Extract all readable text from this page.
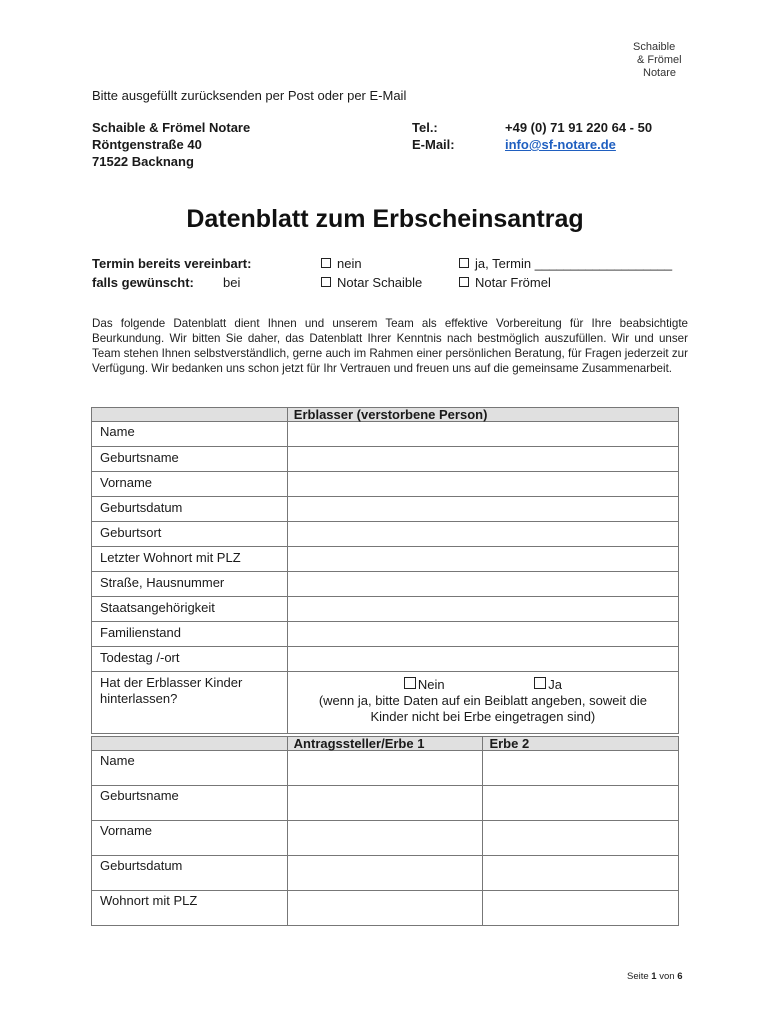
Schaible
& Frömel
Notare
Bitte ausgefüllt zurücksenden per Post oder per E-Mail
Schaible & Frömel Notare
Röntgenstraße 40
71522 Backnang
Tel.:
E-Mail:
+49 (0) 71 91 220 64 - 50
info@sf-notare.de
Datenblatt zum Erbscheinsantrag
Termin bereits vereinbart:	nein	ja, Termin ___________________
falls gewünscht: bei	Notar Schaible	Notar Frömel
Das folgende Datenblatt dient Ihnen und unserem Team als effektive Vorbereitung für Ihre beabsichtigte Beurkundung. Wir bitten Sie daher, das Datenblatt Ihrer Kenntnis nach bestmöglich auszufüllen. Wir und unser Team stehen Ihnen selbstverständlich, gerne auch im Rahmen einer persönlichen Beratung, für Fragen jederzeit zur Verfügung. Wir bedanken uns schon jetzt für Ihr Vertrauen und freuen uns auf die gemeinsame Zusammenarbeit.
	Erblasser (verstorbene Person)
Name	
Geburtsname	
Vorname	
Geburtsdatum	
Geburtsort	
Letzter Wohnort mit PLZ	
Straße, Hausnummer	
Staatsangehörigkeit	
Familienstand	
Todestag /-ort	
Hat der Erblasser Kinder hinterlassen?	Nein Ja
(wenn ja, bitte Daten auf ein Beiblatt angeben, soweit die Kinder nicht bei Erbe eingetragen sind)
	Antragssteller/Erbe 1	Erbe 2
Name		
Geburtsname		
Vorname		
Geburtsdatum		
Wohnort mit PLZ		
Seite 1 von 6
